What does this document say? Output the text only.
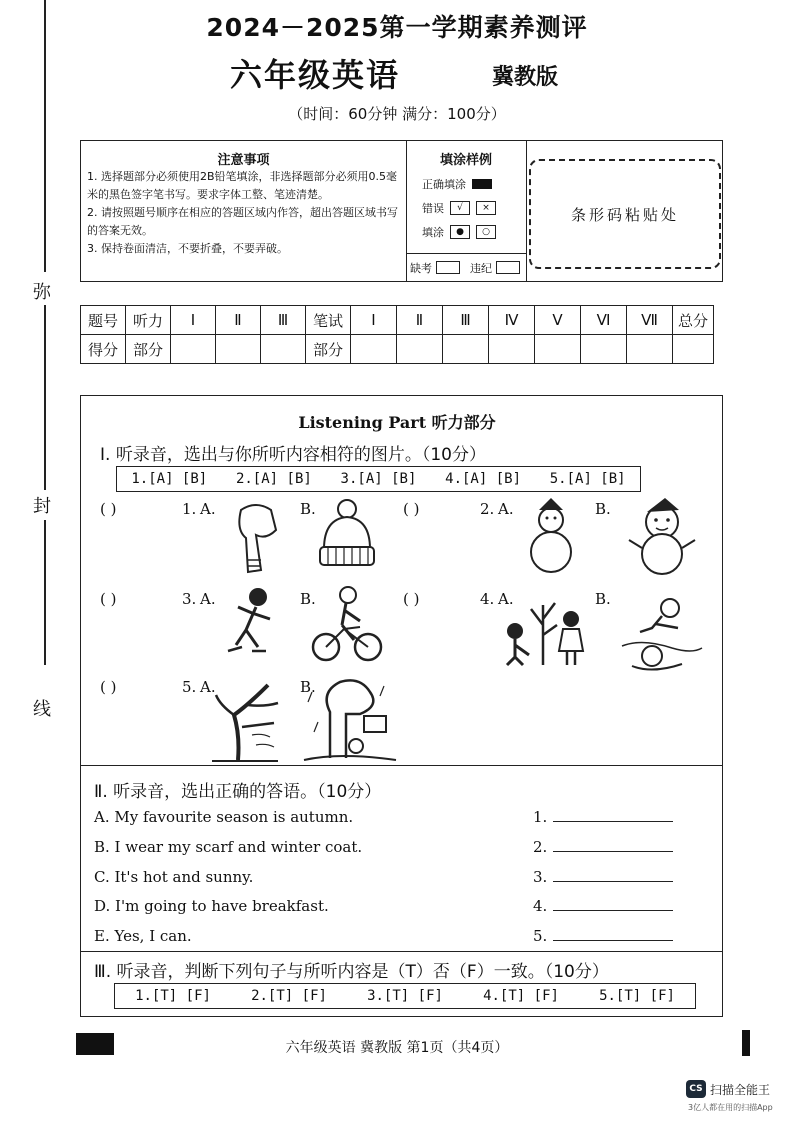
弥
封
线
2024－2025第一学期素养测评
六年级英语	冀教版
（时间：60分钟 满分：100分）
注意事项
1. 选择题部分必须使用2B铅笔填涂，非选择题部分必须用0.5毫米的黑色签字笔书写。要求字体工整、笔迹清楚。
2. 请按照题号顺序在相应的答题区域内作答，超出答题区域书写的答案无效。
3. 保持卷面清洁，不要折叠，不要弄破。
填涂样例
正确填涂
错误	√	×
填涂	●	○
缺考	违纪
条形码粘贴处
题号	听力	Ⅰ	Ⅱ	Ⅲ	笔试	Ⅰ	Ⅱ	Ⅲ	Ⅳ	Ⅴ	Ⅵ	Ⅶ	总分
得分	部分				部分								
Listening Part 听力部分
Ⅰ. 听录音，选出与你所听内容相符的图片。（10分）
1.[A] [B] 2.[A] [B] 3.[A] [B] 4.[A] [B] 5.[A] [B]
( )	1. A.	B.	( )	2. A.	B.
( )	3. A.	B.	( )	4. A.	B.
( )	5. A.	B.
Ⅱ. 听录音，选出正确的答语。（10分）
A. My favourite season is autumn.
B. I wear my scarf and winter coat.
C. It's hot and sunny.
D. I'm going to have breakfast.
E. Yes, I can.
1.
2.
3.
4.
5.
Ⅲ. 听录音，判断下列句子与所听内容是（T）否（F）一致。（10分）
1.[T] [F]	2.[T] [F]	3.[T] [F]	4.[T] [F]	5.[T] [F]
六年级英语 冀教版 第1页（共4页）
CS 扫描全能王
3亿人都在用的扫描App
